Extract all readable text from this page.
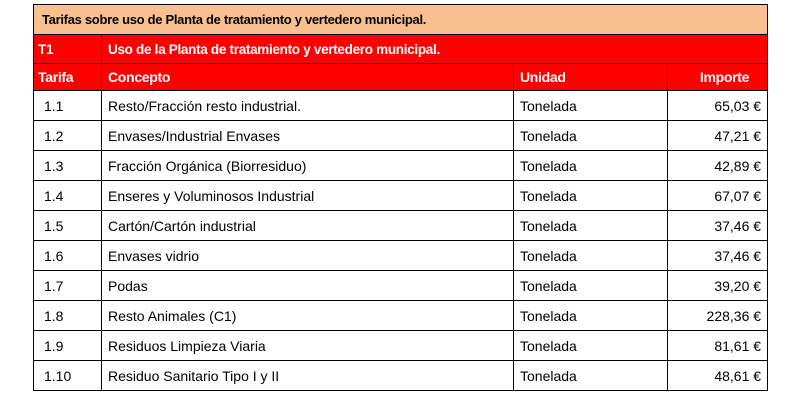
Tarifas sobre uso de Planta de tratamiento y vertedero municipal.			
T1	Uso de la Planta de tratamiento y vertedero municipal.		
Tarifa	Concepto	Unidad	Importe
1.1	Resto/Fracción resto industrial.	Tonelada	65,03 €
1.2	Envases/Industrial Envases	Tonelada	47,21 €
1.3	Fracción Orgánica (Biorresiduo)	Tonelada	42,89 €
1.4	Enseres y Voluminosos Industrial	Tonelada	67,07 €
1.5	Cartón/Cartón industrial	Tonelada	37,46 €
1.6	Envases vidrio	Tonelada	37,46 €
1.7	Podas	Tonelada	39,20 €
1.8	Resto Animales (C1)	Tonelada	228,36 €
1.9	Residuos Limpieza Viaria	Tonelada	81,61 €
1.10	Residuo Sanitario Tipo I y II	Tonelada	48,61 €
